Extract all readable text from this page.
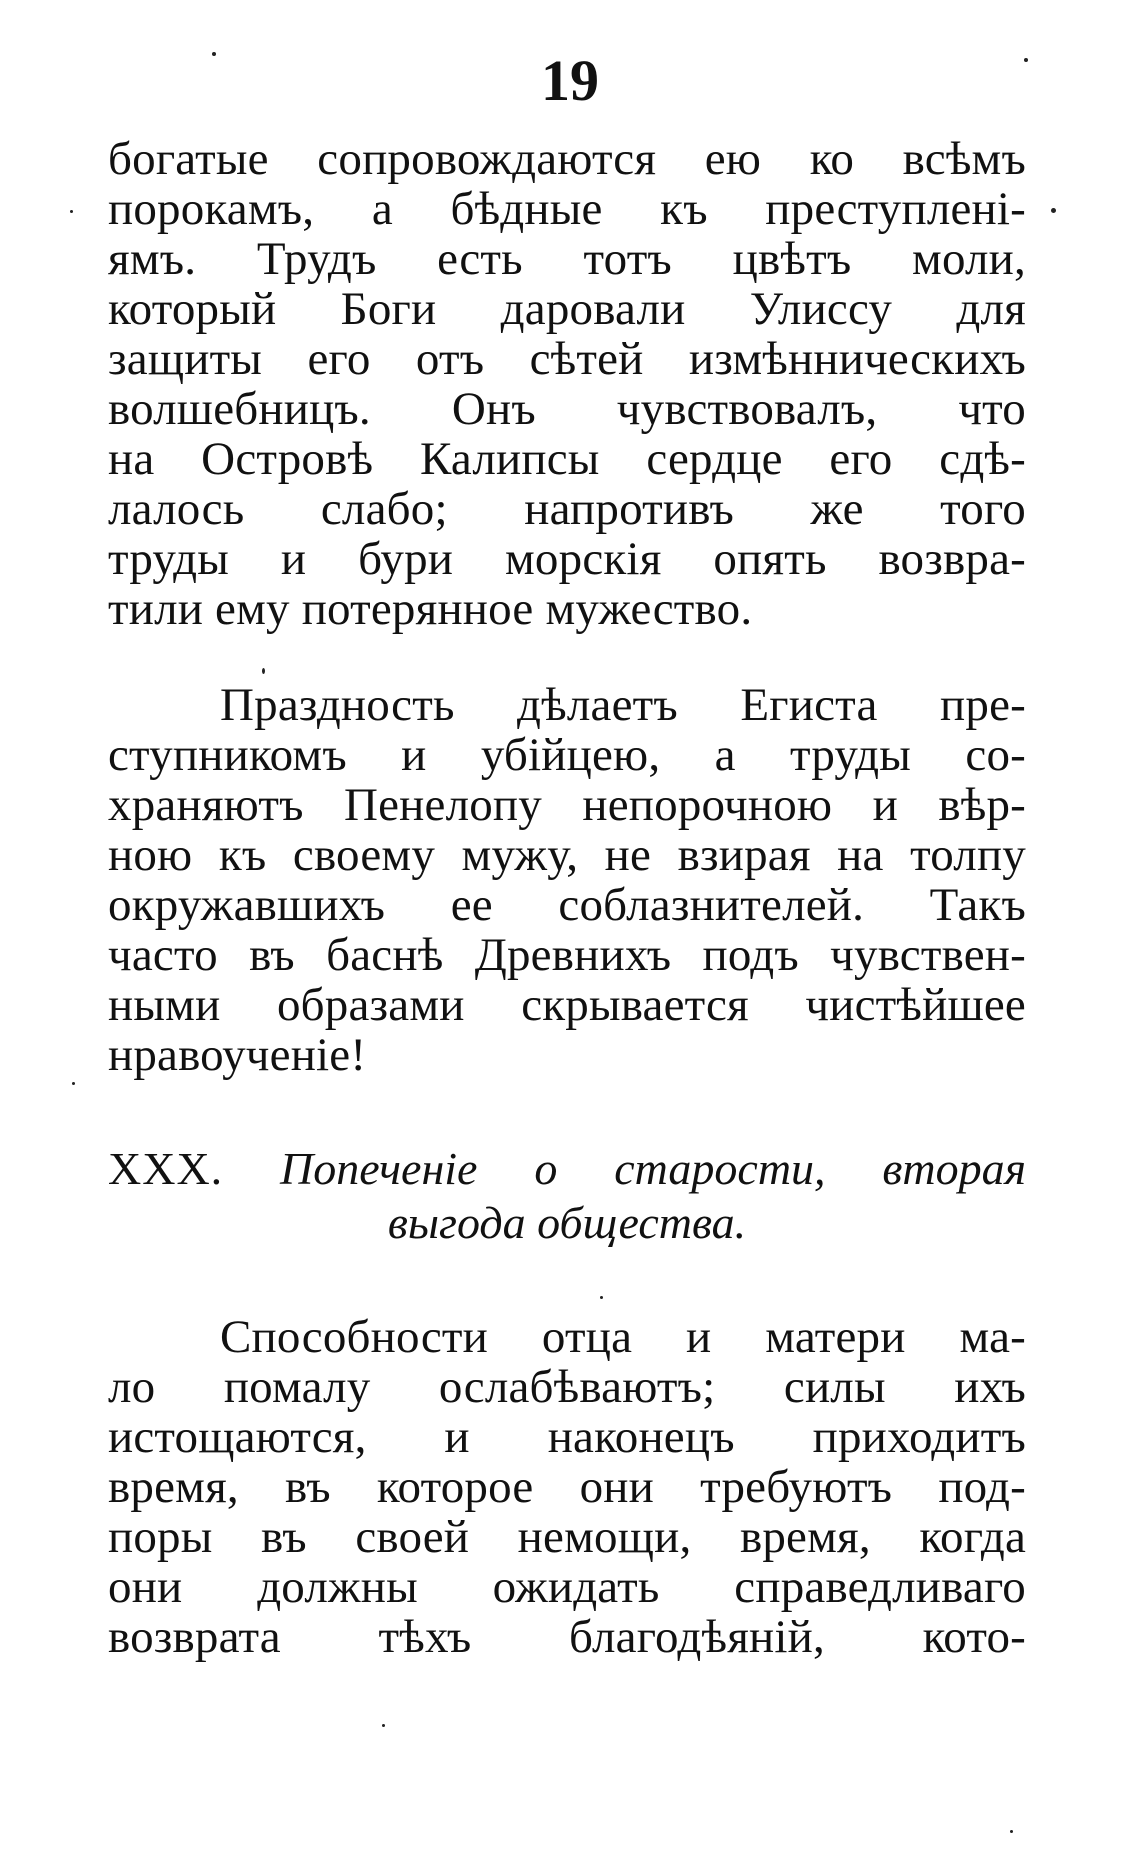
19
богатые сопровождаются ею ко всѣмъ
порокамъ, а бѣдные къ преступленi-
ямъ. Трудъ есть тотъ цвѣтъ моли,
который Боги даровали Улиссу для
защиты его отъ сѣтей измѣнническихъ
волшебницъ. Онъ чувствовалъ, что
на Островѣ Калипсы сердце его сдѣ-
лалось слабо; напротивъ же того
труды и бури морскiя опять возвра-
тили ему потерянное мужество.
Праздность дѣлаетъ Егиста пре-
ступникомъ и убiйцею, а труды со-
храняютъ Пенелопу непорочною и вѣр-
ною къ своему мужу, не взирая на толпу
окружавшихъ ее соблазнителей. Такъ
часто въ баснѣ Древнихъ подъ чувствен-
ными образами скрывается чистѣйшее
нравоученiе!
XXX. Попеченiе о старости, вторая
выгода общества.
Способности отца и матери ма-
ло помалу ослабѣваютъ; силы ихъ
истощаются, и наконецъ приходитъ
время, въ которое они требуютъ под-
поры въ своей немощи, время, когда
они должны ожидать справедливаго
возврата тѣхъ благодѣянiй, кото-
